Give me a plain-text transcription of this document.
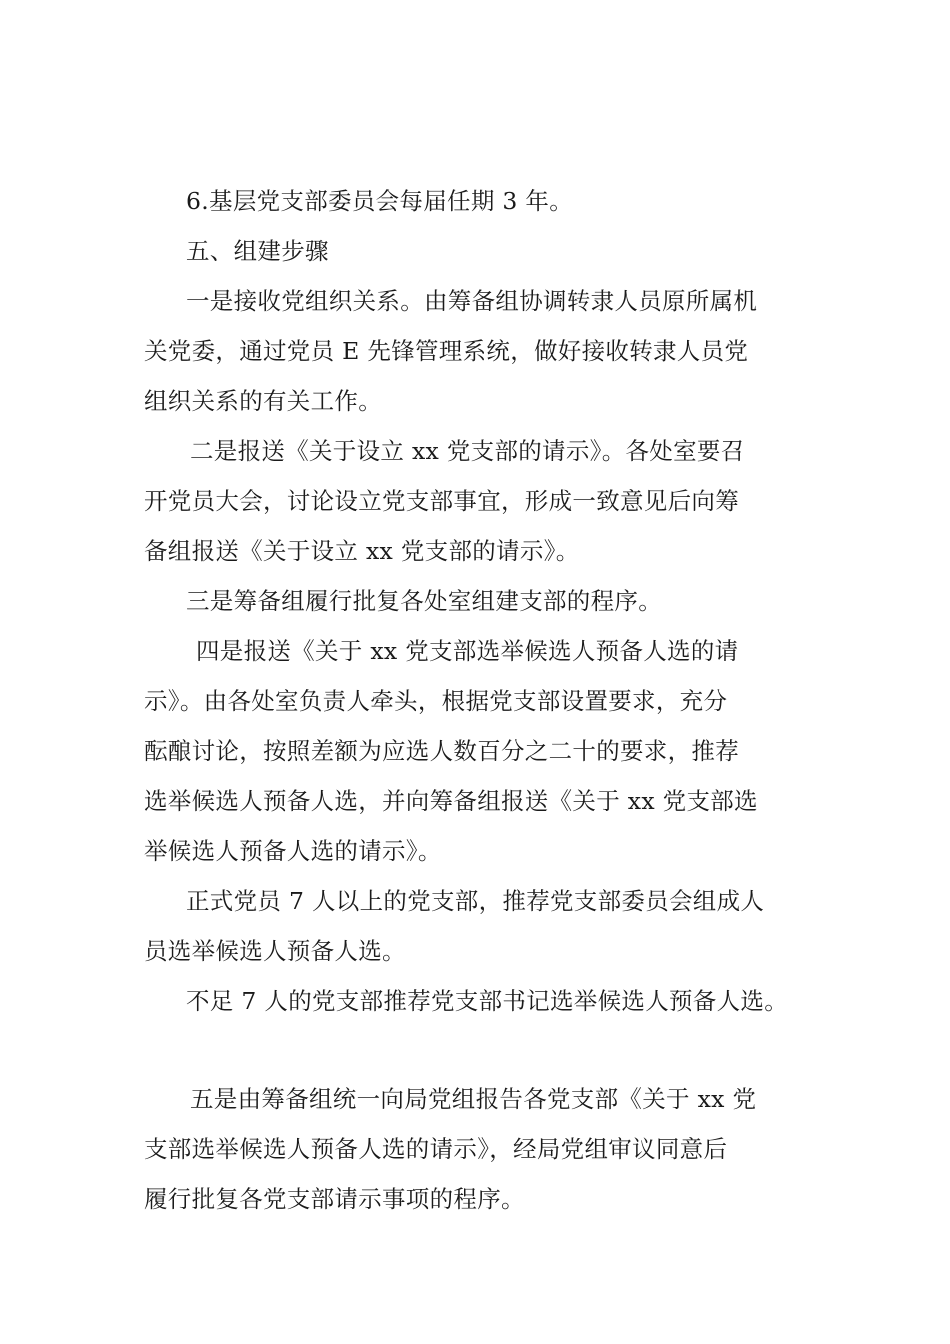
6.基层党支部委员会每届任期 3 年。
五、组建步骤
一是接收党组织关系。由筹备组协调转隶人员原所属机
关党委，通过党员 E 先锋管理系统，做好接收转隶人员党
组织关系的有关工作。
二是报送《关于设立 xx 党支部的请示》。各处室要召
开党员大会，讨论设立党支部事宜，形成一致意见后向筹
备组报送《关于设立 xx 党支部的请示》。
三是筹备组履行批复各处室组建支部的程序。
四是报送《关于 xx 党支部选举候选人预备人选的请
示》。由各处室负责人牵头，根据党支部设置要求，充分
酝酿讨论，按照差额为应选人数百分之二十的要求，推荐
选举候选人预备人选，并向筹备组报送《关于 xx 党支部选
举候选人预备人选的请示》。
正式党员 7 人以上的党支部，推荐党支部委员会组成人
员选举候选人预备人选。
不足 7 人的党支部推荐党支部书记选举候选人预备人选。
五是由筹备组统一向局党组报告各党支部《关于 xx 党
支部选举候选人预备人选的请示》，经局党组审议同意后
履行批复各党支部请示事项的程序。
